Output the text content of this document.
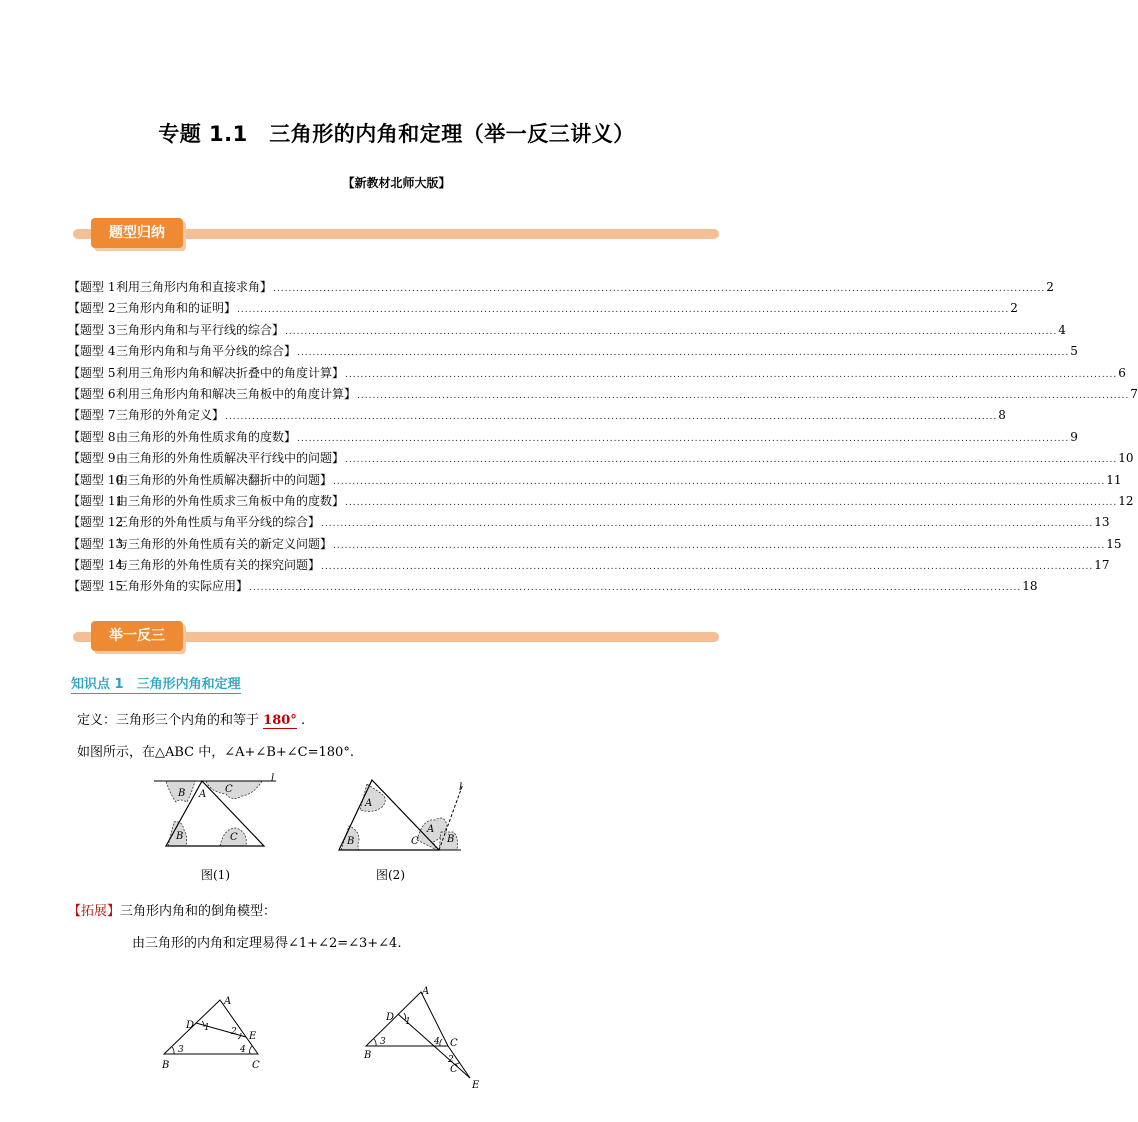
专题 1.1　三角形的内角和定理（举一反三讲义）
【新教材北师大版】
题型归纳
【题型 1利用三角形内角和直接求角】 ........................................................................................................................................................................................................ 2
【题型 2三角形内角和的证明】 ........................................................................................................................................................................................................ 2
【题型 3三角形内角和与平行线的综合】 ........................................................................................................................................................................................................ 4
【题型 4三角形内角和与角平分线的综合】 ........................................................................................................................................................................................................ 5
【题型 5利用三角形内角和解决折叠中的角度计算】 ........................................................................................................................................................................................................ 6
【题型 6利用三角形内角和解决三角板中的角度计算】 ........................................................................................................................................................................................................ 7
【题型 7三角形的外角定义】 ........................................................................................................................................................................................................ 8
【题型 8由三角形的外角性质求角的度数】 ........................................................................................................................................................................................................ 9
【题型 9由三角形的外角性质解决平行线中的问题】 ........................................................................................................................................................................................................ 10
【题型 10由三角形的外角性质解决翻折中的问题】 ........................................................................................................................................................................................................ 11
【题型 11由三角形的外角性质求三角板中角的度数】 ........................................................................................................................................................................................................ 12
【题型 12三角形的外角性质与角平分线的综合】 ........................................................................................................................................................................................................ 13
【题型 13与三角形的外角性质有关的新定义问题】 ........................................................................................................................................................................................................ 15
【题型 14与三角形的外角性质有关的探究问题】 ........................................................................................................................................................................................................ 17
【题型 15三角形外角的实际应用】 ........................................................................................................................................................................................................ 18
举一反三
知识点 1　三角形内角和定理
定义：三角形三个内角的和等于 180° .
如图所示，在△ABC 中，∠A+∠B+∠C=180°.
B A C
B	C
l
图(1)
A
B	C
A
B
l
图(2)
【拓展】三角形内角和的倒角模型：
由三角形的内角和定理易得∠1+∠2=∠3+∠4.
A
D 1 2 E
3	4
B	C
A
D 1
3	4 C
B	2
C
E
